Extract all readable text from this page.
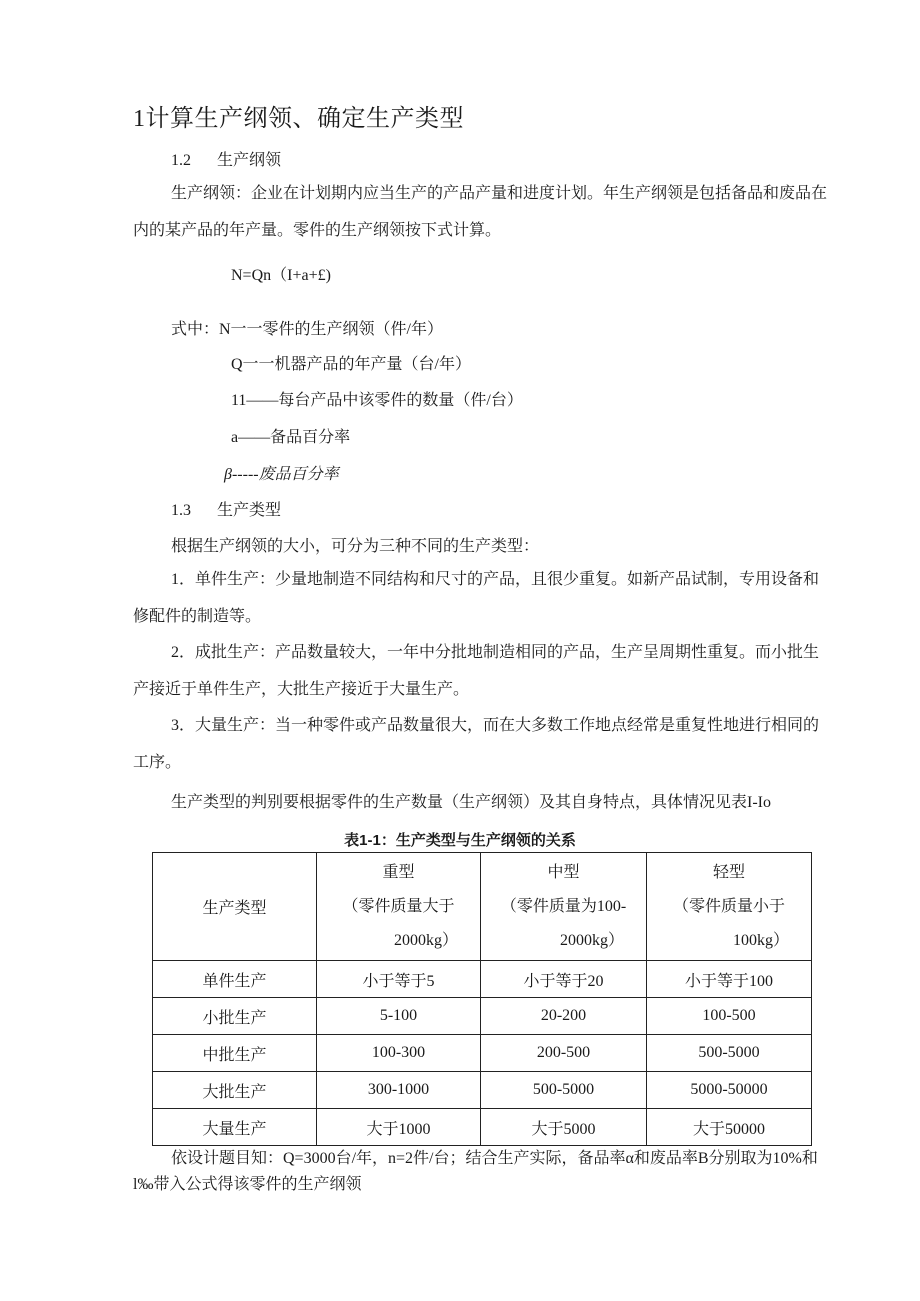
1计算生产纲领、确定生产类型
1.2 生产纲领
生产纲领：企业在计划期内应当生产的产品产量和进度计划。年生产纲领是包括备品和废品在内的某产品的年产量。零件的生产纲领按下式计算。
N=Qn（I+a+£)
式中：N一一零件的生产纲领（件/年）
Q一一机器产品的年产量（台/年）
11——每台产品中该零件的数量（件/台）
a——备品百分率
β-----废品百分率
1.3 生产类型
根据生产纲领的大小，可分为三种不同的生产类型：
1．单件生产：少量地制造不同结构和尺寸的产品，且很少重复。如新产品试制，专用设备和修配件的制造等。
2．成批生产：产品数量较大，一年中分批地制造相同的产品，生产呈周期性重复。而小批生产接近于单件生产，大批生产接近于大量生产。
3．大量生产：当一种零件或产品数量很大，而在大多数工作地点经常是重复性地进行相同的工序。
生产类型的判别要根据零件的生产数量（生产纲领）及其自身特点，具体情况见表I-Io
表1-1：生产类型与生产纲领的关系
生产类型	重型
（零件质量大于
2000kg）	中型
（零件质量为100-
2000kg）	轻型
（零件质量小于
100kg）

单件生产	小于等于5	小于等于20	小于等于100
小批生产	5-100	20-200	100-500
中批生产	100-300	200-500	500-5000
大批生产	300-1000	500-5000	5000-50000
大量生产	大于1000	大于5000	大于50000
依设计题目知：Q=3000台/年，n=2件/台；结合生产实际，备品率α和废品率B分别取为10%和l‰带入公式得该零件的生产纲领
